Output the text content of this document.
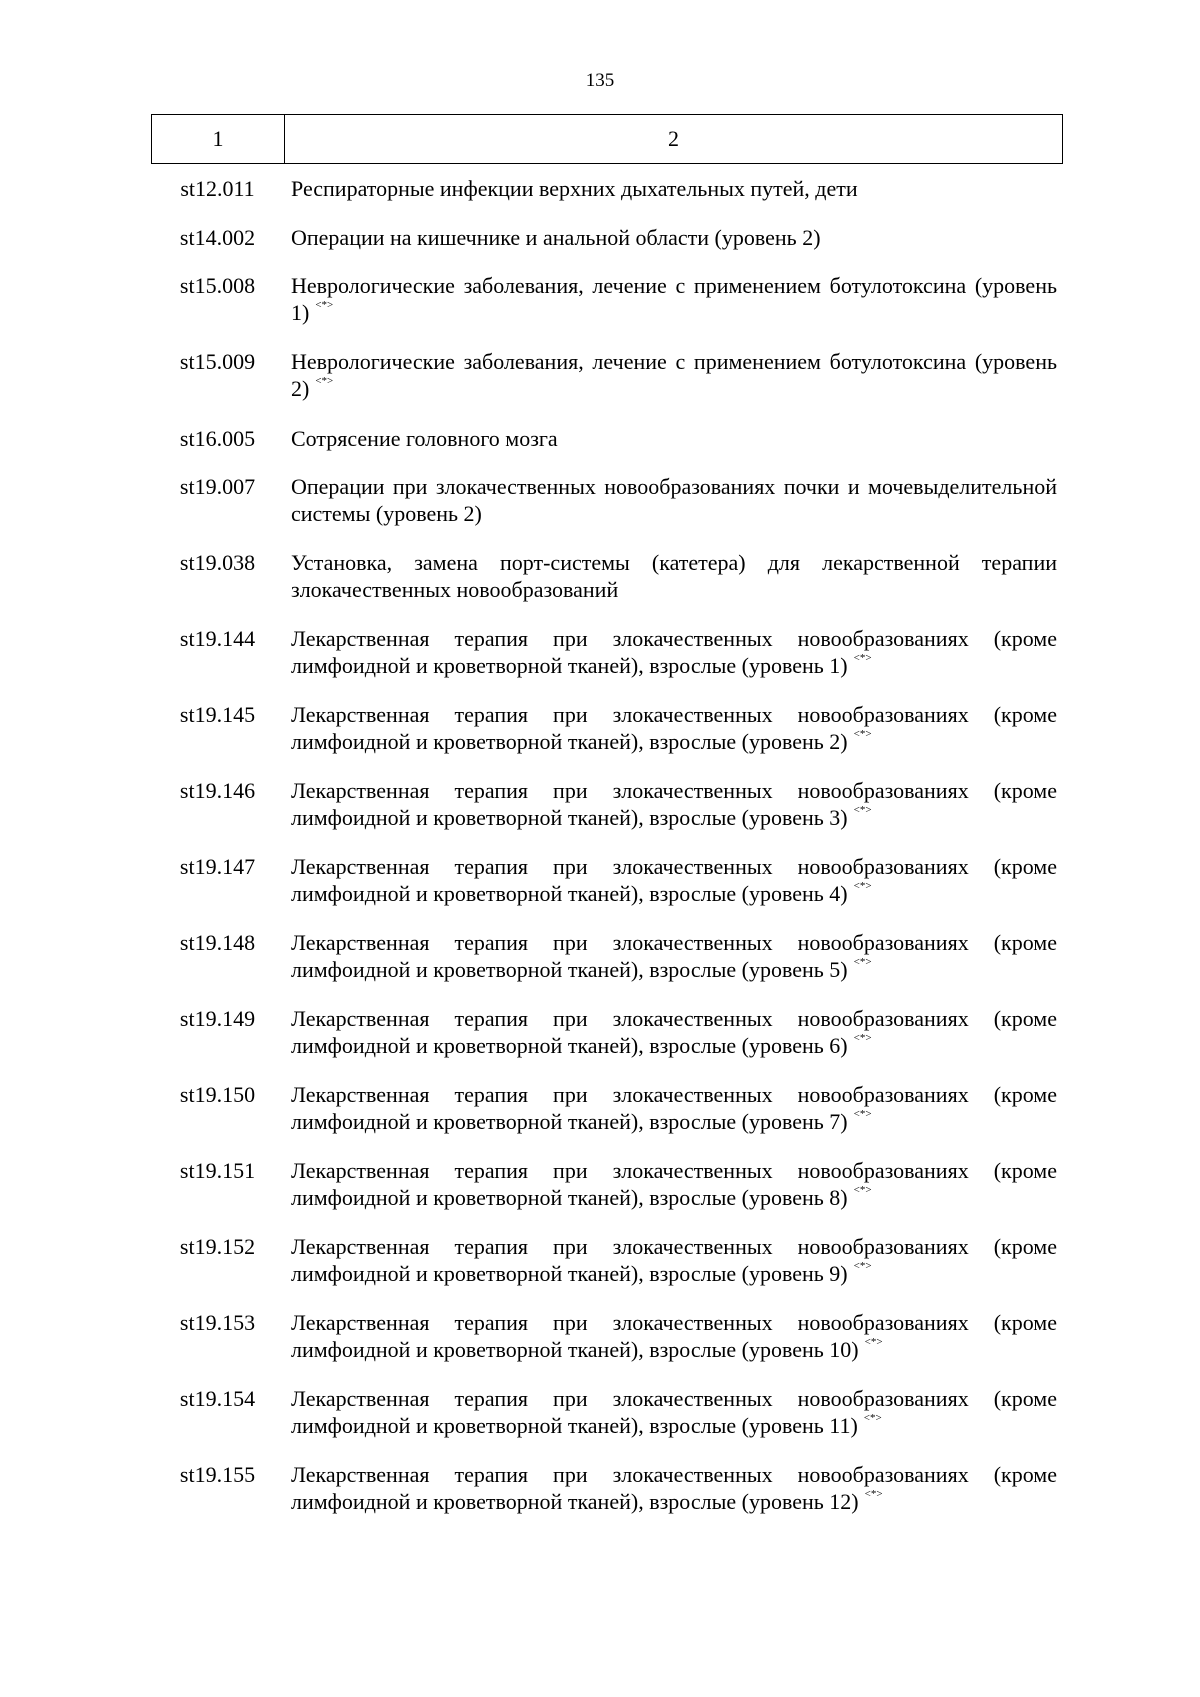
135
1	2
st12.011	Респираторные инфекции верхних дыхательных путей, дети
st14.002	Операции на кишечнике и анальной области (уровень 2)
st15.008	Неврологические заболевания, лечение с применением ботулотоксина (уровень 1) <*>
st15.009	Неврологические заболевания, лечение с применением ботулотоксина (уровень 2) <*>
st16.005	Сотрясение головного мозга
st19.007	Операции при злокачественных новообразованиях почки и мочевыделительной системы (уровень 2)
st19.038	Установка, замена порт-системы (катетера) для лекарственной терапии злокачественных новообразований
st19.144	Лекарственная терапия при злокачественных новообразованиях (кроме лимфоидной и кроветворной тканей), взрослые (уровень 1) <*>
st19.145	Лекарственная терапия при злокачественных новообразованиях (кроме лимфоидной и кроветворной тканей), взрослые (уровень 2) <*>
st19.146	Лекарственная терапия при злокачественных новообразованиях (кроме лимфоидной и кроветворной тканей), взрослые (уровень 3) <*>
st19.147	Лекарственная терапия при злокачественных новообразованиях (кроме лимфоидной и кроветворной тканей), взрослые (уровень 4) <*>
st19.148	Лекарственная терапия при злокачественных новообразованиях (кроме лимфоидной и кроветворной тканей), взрослые (уровень 5) <*>
st19.149	Лекарственная терапия при злокачественных новообразованиях (кроме лимфоидной и кроветворной тканей), взрослые (уровень 6) <*>
st19.150	Лекарственная терапия при злокачественных новообразованиях (кроме лимфоидной и кроветворной тканей), взрослые (уровень 7) <*>
st19.151	Лекарственная терапия при злокачественных новообразованиях (кроме лимфоидной и кроветворной тканей), взрослые (уровень 8) <*>
st19.152	Лекарственная терапия при злокачественных новообразованиях (кроме лимфоидной и кроветворной тканей), взрослые (уровень 9) <*>
st19.153	Лекарственная терапия при злокачественных новообразованиях (кроме лимфоидной и кроветворной тканей), взрослые (уровень 10) <*>
st19.154	Лекарственная терапия при злокачественных новообразованиях (кроме лимфоидной и кроветворной тканей), взрослые (уровень 11) <*>
st19.155	Лекарственная терапия при злокачественных новообразованиях (кроме лимфоидной и кроветворной тканей), взрослые (уровень 12) <*>
